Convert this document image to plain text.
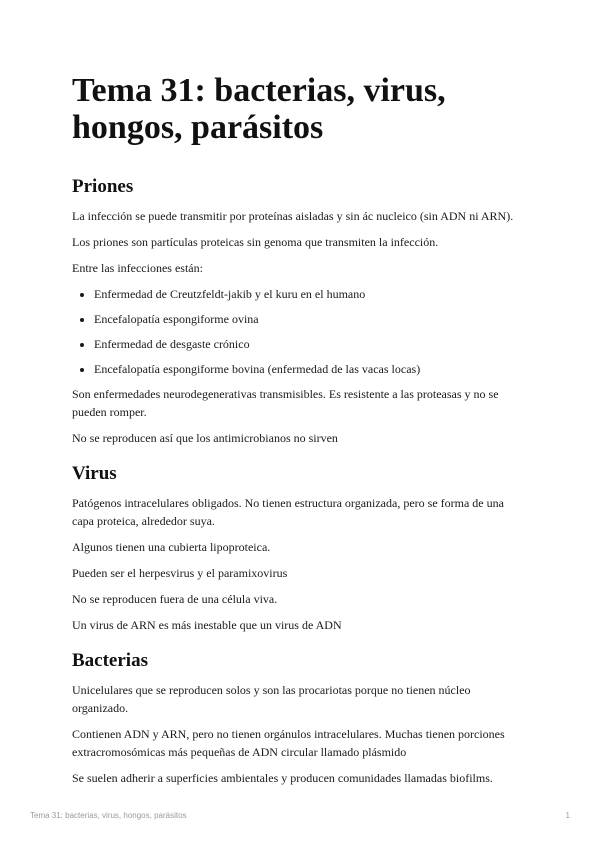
Tema 31: bacterias, virus, hongos, parásitos
Priones

La infección se puede transmitir por proteínas aisladas y sin ác nucleico (sin ADN ni ARN).

Los priones son partículas proteicas sin genoma que transmiten la infección.

Entre las infecciones están:

• Enfermedad de Creutzfeldt-jakib y el kuru en el humano
• Encefalopatía espongiforme ovina
• Enfermedad de desgaste crónico
• Encefalopatía espongiforme bovina (enfermedad de las vacas locas)

Son enfermedades neurodegenerativas transmisibles. Es resistente a las proteasas y no se pueden romper.

No se reproducen así que los antimicrobianos no sirven

Virus

Patógenos intracelulares obligados. No tienen estructura organizada, pero se forma de una capa proteica, alrededor suya.

Algunos tienen una cubierta lipoproteica.

Pueden ser el herpesvirus y el paramixovirus

No se reproducen fuera de una célula viva.

Un virus de ARN es más inestable que un virus de ADN

Bacterias

Unicelulares que se reproducen solos y son las procariotas porque no tienen núcleo organizado.

Contienen ADN y ARN, pero no tienen orgánulos intracelulares. Muchas tienen porciones extracromosómicas más pequeñas de ADN circular llamado plásmido

Se suelen adherir a superficies ambientales y producen comunidades llamadas biofilms.

Tema 31: bacterias, virus, hongos, parásitos	1
